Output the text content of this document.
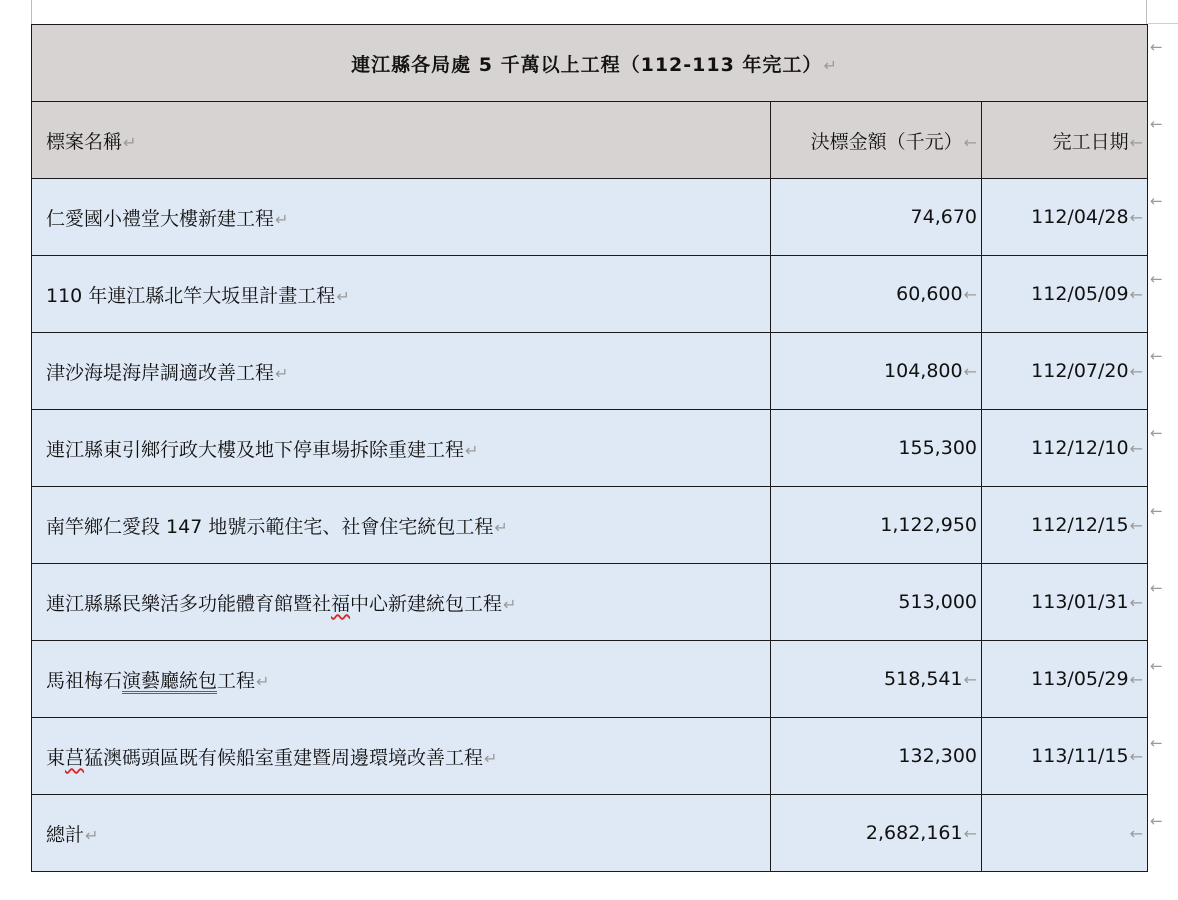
連江縣各局處 5 千萬以上工程（112-113 年完工）↵		
標案名稱↵	決標金額（千元）←	完工日期←
仁愛國小禮堂大樓新建工程↵	74,670	112/04/28←
110 年連江縣北竿大坂里計畫工程↵	60,600←	112/05/09←
津沙海堤海岸調適改善工程↵	104,800←	112/07/20←
連江縣東引鄉行政大樓及地下停車場拆除重建工程↵	155,300	112/12/10←
南竿鄉仁愛段 147 地號示範住宅、社會住宅統包工程↵	1,122,950	112/12/15←
連江縣縣民樂活多功能體育館暨社福中心新建統包工程↵	513,000	113/01/31←
馬祖梅石演藝廳統包工程↵	518,541←	113/05/29←
東莒猛澳碼頭區既有候船室重建暨周邊環境改善工程↵	132,300	113/11/15←
總計↵	2,682,161←	←
←
←
←
←
←
←
←
←
←
←
←
